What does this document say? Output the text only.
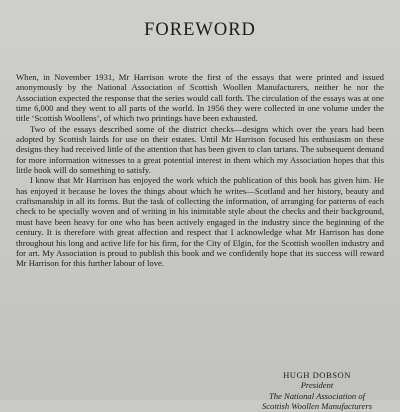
FOREWORD

When, in November 1931, Mr Harrison wrote the first of the essays that were printed and issued anonymously by the National Association of Scottish Woollen Manufacturers, neither he nor the Association expected the response that the series would call forth. The circulation of the essays was at one time 6,000 and they went to all parts of the world. In 1956 they were collected in one volume under the title ‘Scottish Woollens’, of which two printings have been exhausted.

Two of the essays described some of the district checks—designs which over the years had been adopted by Scottish lairds for use on their estates. Until Mr Harrison focused his enthusiasm on these designs they had received little of the attention that has been given to clan tartans. The subsequent demand for more information witnesses to a great potential interest in them which my Association hopes that this little book will do something to satisfy.

I know that Mr Harrison has enjoyed the work which the publication of this book has given him. He has enjoyed it because he loves the things about which he writes—Scotland and her history, beauty and craftsmanship in all its forms. But the task of collecting the information, of arranging for patterns of each check to be specially woven and of writing in his inimitable style about the checks and their background, must have been heavy for one who has been actively engaged in the industry since the beginning of the century. It is therefore with great affection and respect that I acknowledge what Mr Harrison has done throughout his long and active life for his firm, for the City of Elgin, for the Scottish woollen industry and for art. My Association is proud to publish this book and we confidently hope that its success will reward Mr Harrison for this further labour of love.

HUGH DOBSON
President
The National Association of
Scottish Woollen Manufacturers
